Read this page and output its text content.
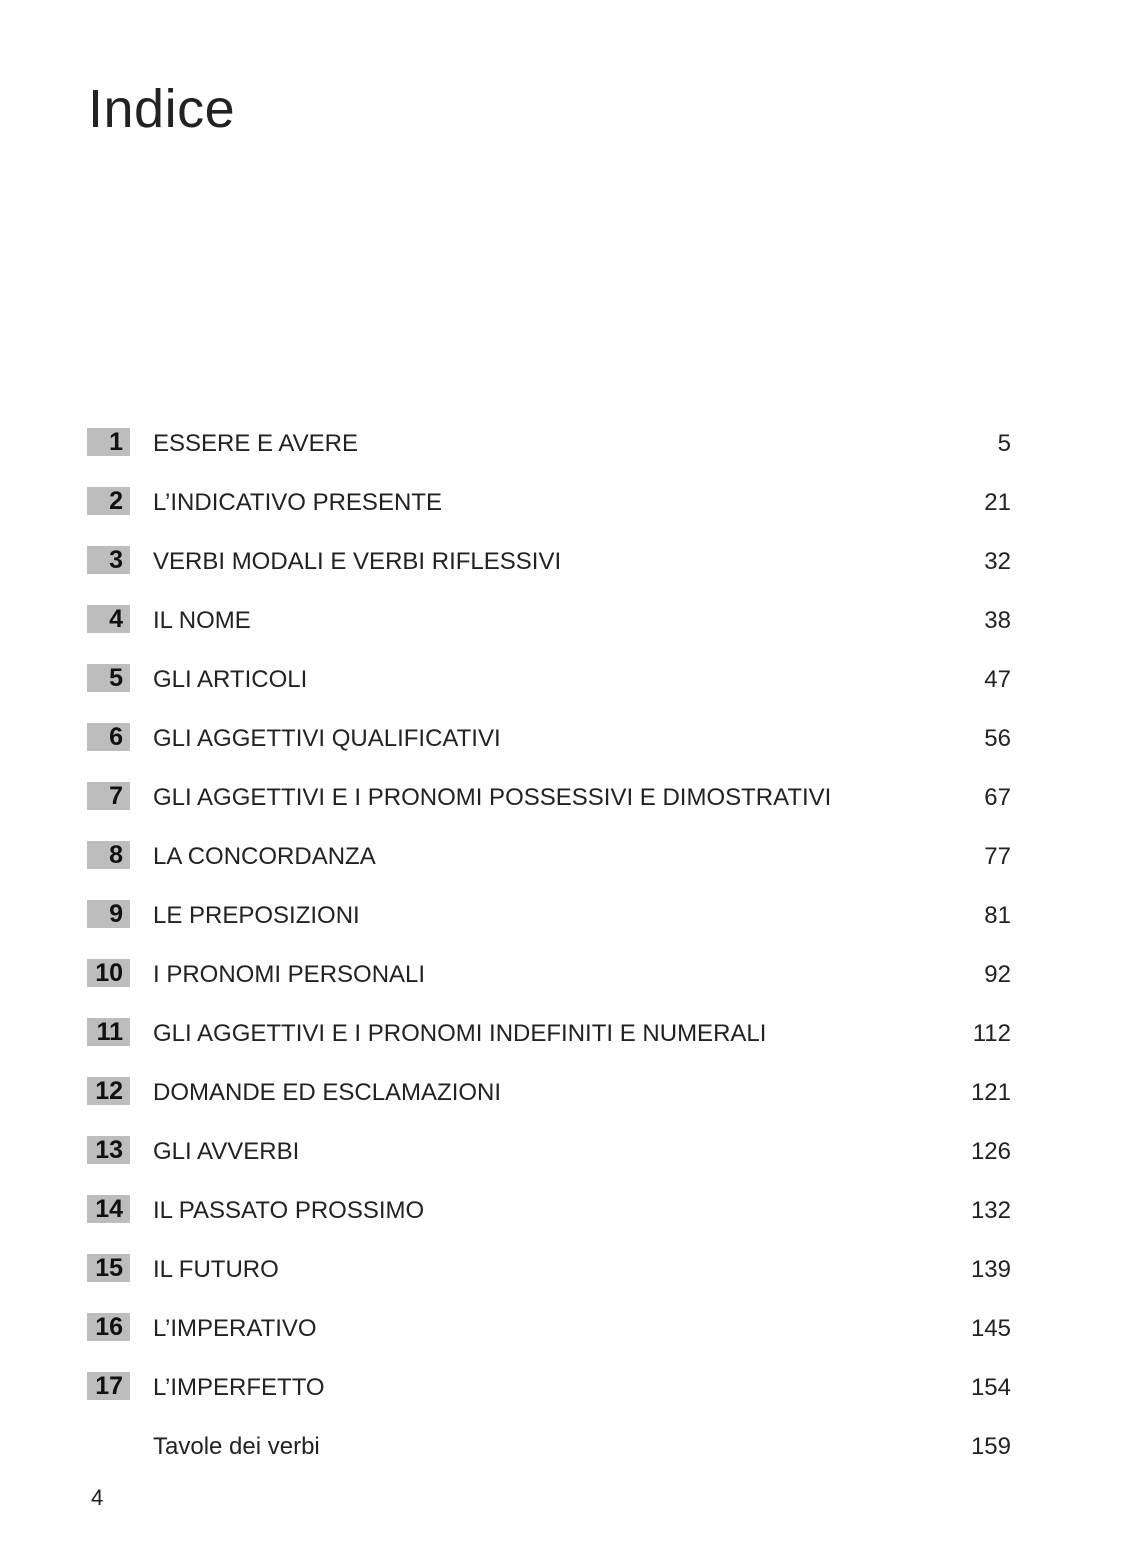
Indice
1 ESSERE E AVERE	5
2 L’INDICATIVO PRESENTE	21
3 VERBI MODALI E VERBI RIFLESSIVI	32
4 IL NOME	38
5 GLI ARTICOLI	47
6 GLI AGGETTIVI QUALIFICATIVI	56
7 GLI AGGETTIVI E I PRONOMI POSSESSIVI E DIMOSTRATIVI	67
8 LA CONCORDANZA	77
9 LE PREPOSIZIONI	81
10 I PRONOMI PERSONALI	92
11 GLI AGGETTIVI E I PRONOMI INDEFINITI E NUMERALI	112
12 DOMANDE ED ESCLAMAZIONI	121
13 GLI AVVERBI	126
14 IL PASSATO PROSSIMO	132
15 IL FUTURO	139
16 L’IMPERATIVO	145
17 L’IMPERFETTO	154
Tavole dei verbi	159
4
